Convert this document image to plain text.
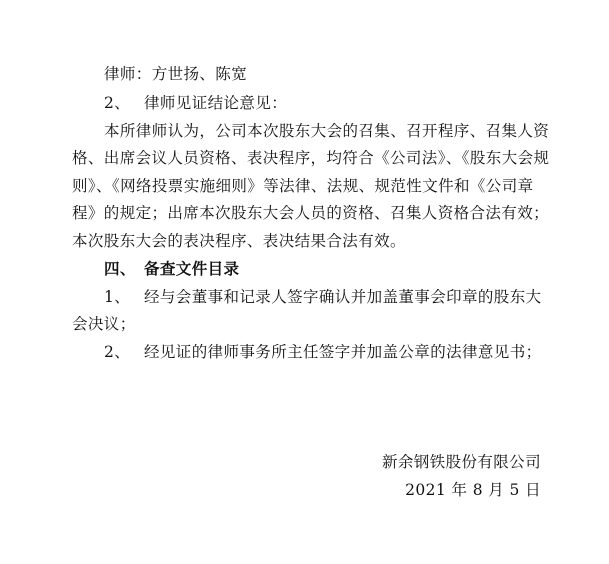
律师：方世扬、陈宽
2、 律师见证结论意见：
本所律师认为，公司本次股东大会的召集、召开程序、召集人资
格、出席会议人员资格、表决程序，均符合《公司法》、《股东大会规
则》、《网络投票实施细则》等法律、法规、规范性文件和《公司章
程》的规定；出席本次股东大会人员的资格、召集人资格合法有效；
本次股东大会的表决程序、表决结果合法有效。
四、 备查文件目录
1、 经与会董事和记录人签字确认并加盖董事会印章的股东大
会决议；
2、 经见证的律师事务所主任签字并加盖公章的法律意见书；
新余钢铁股份有限公司
2021 年 8 月 5 日
